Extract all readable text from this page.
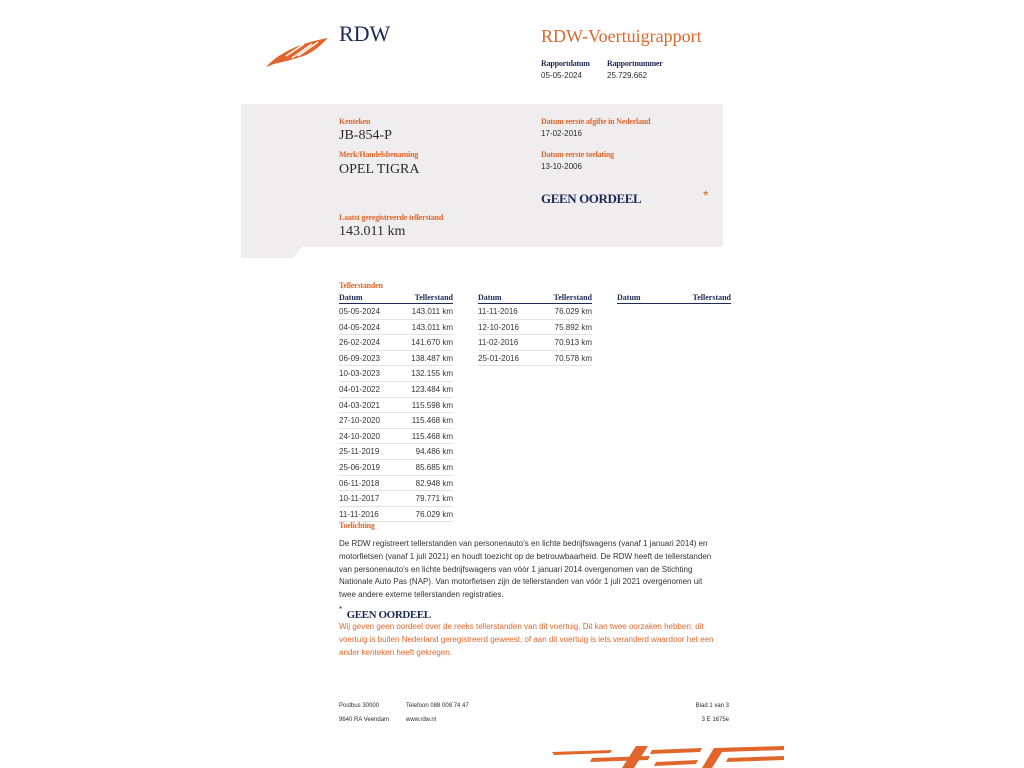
RDW	RDW-Voertuigrapport
Rapportdatum
05-05-2024
Rapportnummer
25.729.662
Kenteken
JB-854-P
Merk/Handelsbenaming
OPEL TIGRA
Datum eerste afgifte in Nederland
17-02-2016
Datum eerste toelating
13-10-2006
GEEN OORDEEL	*
Laatst geregistreerde tellerstand
143.011 km
Tellerstanden
Datum	Tellerstand
05-05-2024	143.011 km
04-05-2024	143.011 km
26-02-2024	141.670 km
06-09-2023	138.487 km
10-03-2023	132.155 km
04-01-2022	123.484 km
04-03-2021	115.598 km
27-10-2020	115.468 km
24-10-2020	115.468 km
25-11-2019	94.486 km
25-06-2019	85.685 km
06-11-2018	82.948 km
10-11-2017	79.771 km
11-11-2016	76.029 km
Datum	Tellerstand
11-11-2016	76.029 km
12-10-2016	75.892 km
11-02-2016	70.913 km
25-01-2016	70.578 km
Datum	Tellerstand
Toelichting
De RDW registreert tellerstanden van personenauto’s en lichte bedrijfswagens (vanaf 1 januari 2014) en
motorfietsen (vanaf 1 juli 2021) en houdt toezicht op de betrouwbaarheid. De RDW heeft de tellerstanden
van personenauto’s en lichte bedrijfswagens van vóór 1 januari 2014 overgenomen van de Stichting
Nationale Auto Pas (NAP). Van motorfietsen zijn de tellerstanden van vóór 1 juli 2021 overgenomen uit
twee andere externe tellerstanden registraties.
* GEEN OORDEEL
Wij geven geen oordeel over de reeks tellerstanden van dit voertuig. Dit kan twee oorzaken hebben: dit
voertuig is buiten Nederland geregistreerd geweest, of aan dit voertuig is iets veranderd waardoor het een
ander kenteken heeft gekregen.
Postbus 30000
9640 RA Veendam
Telefoon 088 008 74 47
www.rdw.nl
Blad 1 van 3
3 E 1675e
